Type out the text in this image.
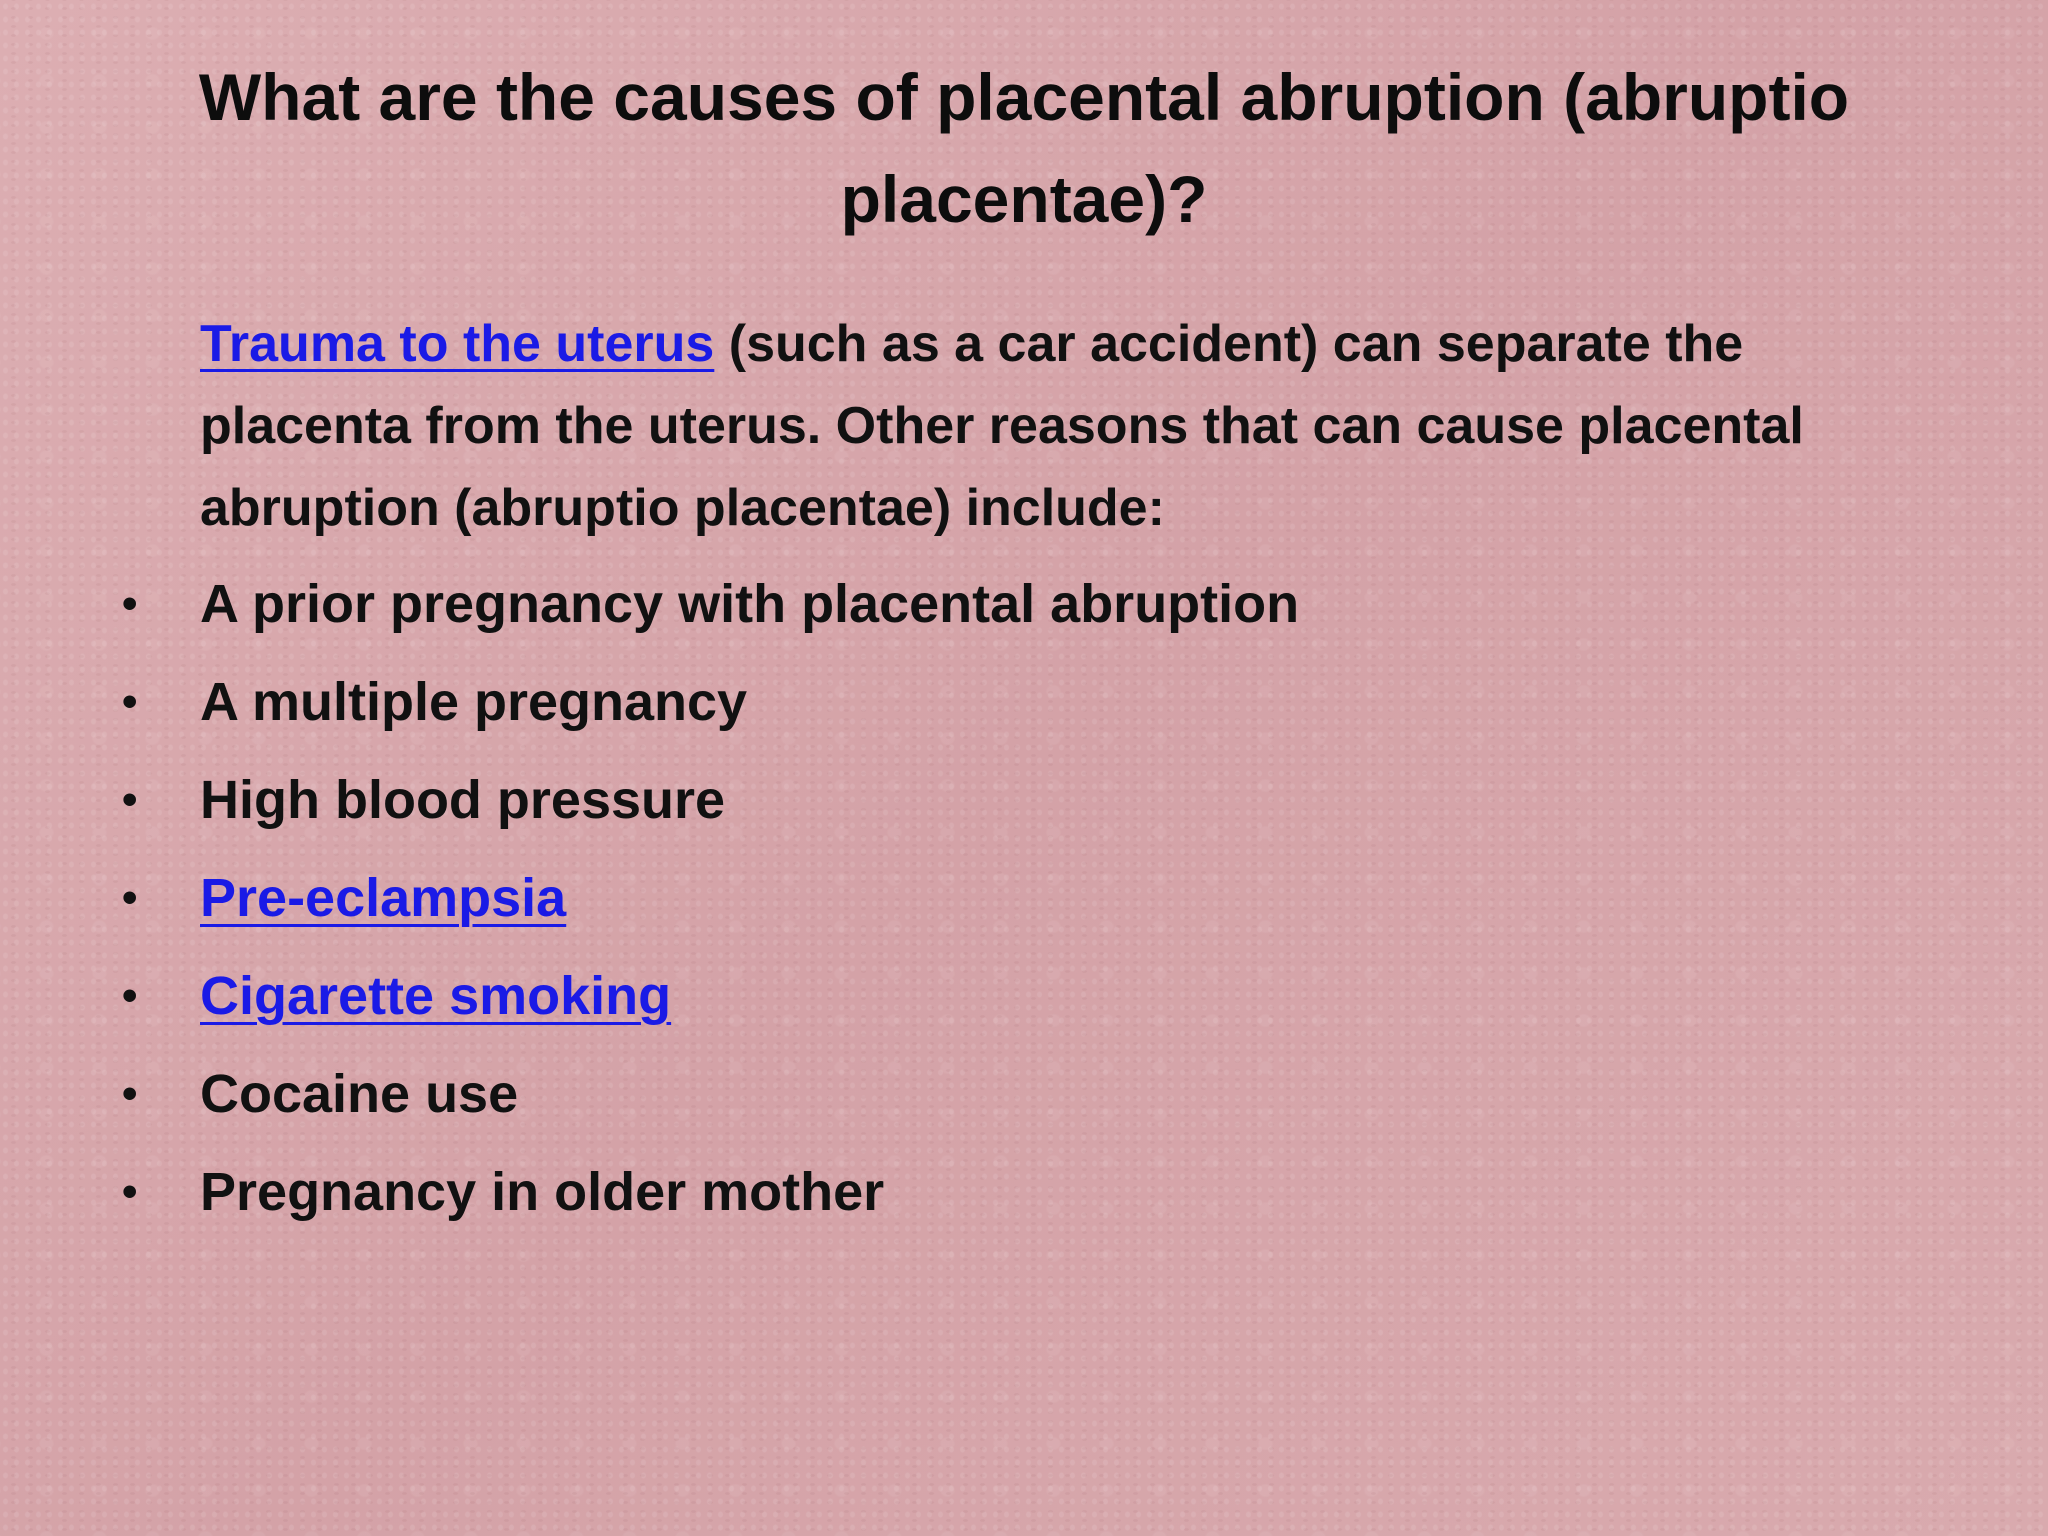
What are the causes of placental abruption (abruptio placentae)?

Trauma to the uterus (such as a car accident) can separate the placenta from the uterus. Other reasons that can cause placental abruption (abruptio placentae) include:

• A prior pregnancy with placental abruption
• A multiple pregnancy
• High blood pressure
• Pre-eclampsia
• Cigarette smoking
• Cocaine use
• Pregnancy in older mother
